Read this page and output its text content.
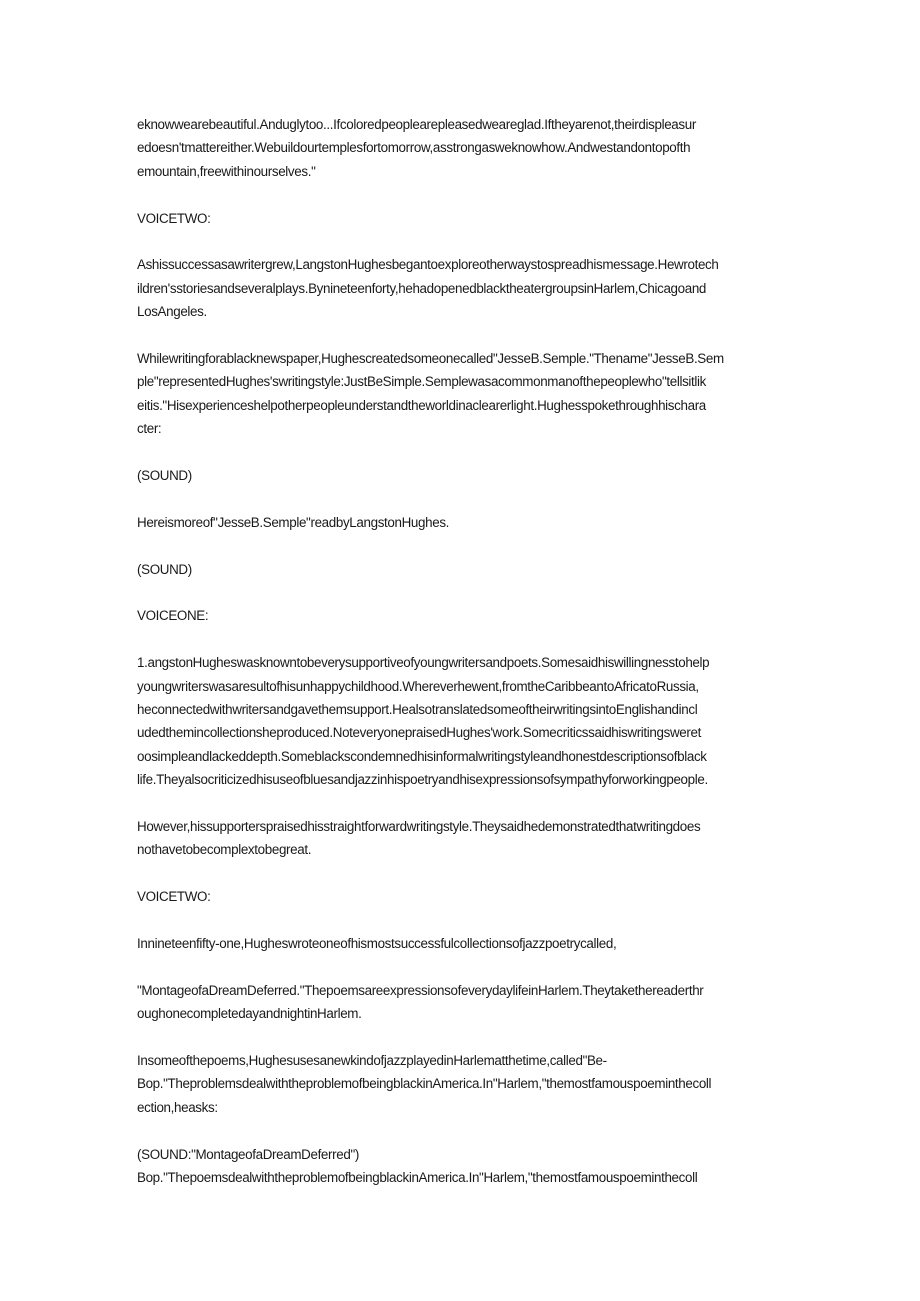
eknowwearebeautiful.Anduglytoo...Ifcoloredpeoplearepleasedweareglad.Iftheyarenot,theirdispleasur
edoesn'tmattereither.Webuildourtemplesfortomorrow,asstrongasweknowhow.Andwestandontopofth
emountain,freewithinourselves."
VOICETWO:
Ashissuccessasawritergrew,LangstonHughesbegantoexploreotherwaystospreadhismessage.Hewrotech
ildren'sstoriesandseveralplays.Bynineteenforty,hehadopenedblacktheatergroupsinHarlem,Chicagoand
LosAngeles.
Whilewritingforablacknewspaper,Hughescreatedsomeonecalled"JesseB.Semple."Thename"JesseB.Sem
ple"representedHughes'swritingstyle:JustBeSimple.Semplewasacommonmanofthepeoplewho"tellsitlik
eitis."Hisexperienceshelpotherpeopleunderstandtheworldinaclearerlight.Hughesspokethroughhischara
cter:
(SOUND)
Hereismoreof"JesseB.Semple"readbyLangstonHughes.
(SOUND)
VOICEONE:
1.angstonHugheswasknowntobeverysupportiveofyoungwritersandpoets.Somesaidhiswillingnesstohelp
youngwriterswasaresultofhisunhappychildhood.Whereverhewent,fromtheCaribbeantoAfricatoRussia,
heconnectedwithwritersandgavethemsupport.HealsotranslatedsomeoftheirwritingsintoEnglishandincl
udedthemincollectionsheproduced.NoteveryonepraisedHughes'work.Somecriticssaidhiswritingsweret
oosimpleandlackeddepth.Someblackscondemnedhisinformalwritingstyleandhonestdescriptionsofblack
life.Theyalsocriticizedhisuseofbluesandjazzinhispoetryandhisexpressionsofsympathyforworkingpeople.
However,hissupporterspraisedhisstraightforwardwritingstyle.Theysaidhedemonstratedthatwritingdoes
nothavetobecomplextobegreat.
VOICETWO:
Innineteenfifty-one,Hugheswroteoneofhismostsuccessfulcollectionsofjazzpoetrycalled,
"MontageofaDreamDeferred."ThepoemsareexpressionsofeverydaylifeinHarlem.Theytakethereaderthr
oughonecompletedayandnightinHarlem.
Insomeofthepoems,HughesusesanewkindofjazzplayedinHarlematthetime,called"Be-
Bop."TheproblemsdealwiththeproblemofbeingblackinAmerica.In"Harlem,"themostfamouspoeminthecoll
ection,heasks:
(SOUND:"MontageofaDreamDeferred")
Bop."ThepoemsdealwiththeproblemofbeingblackinAmerica.In"Harlem,"themostfamouspoeminthecoll
